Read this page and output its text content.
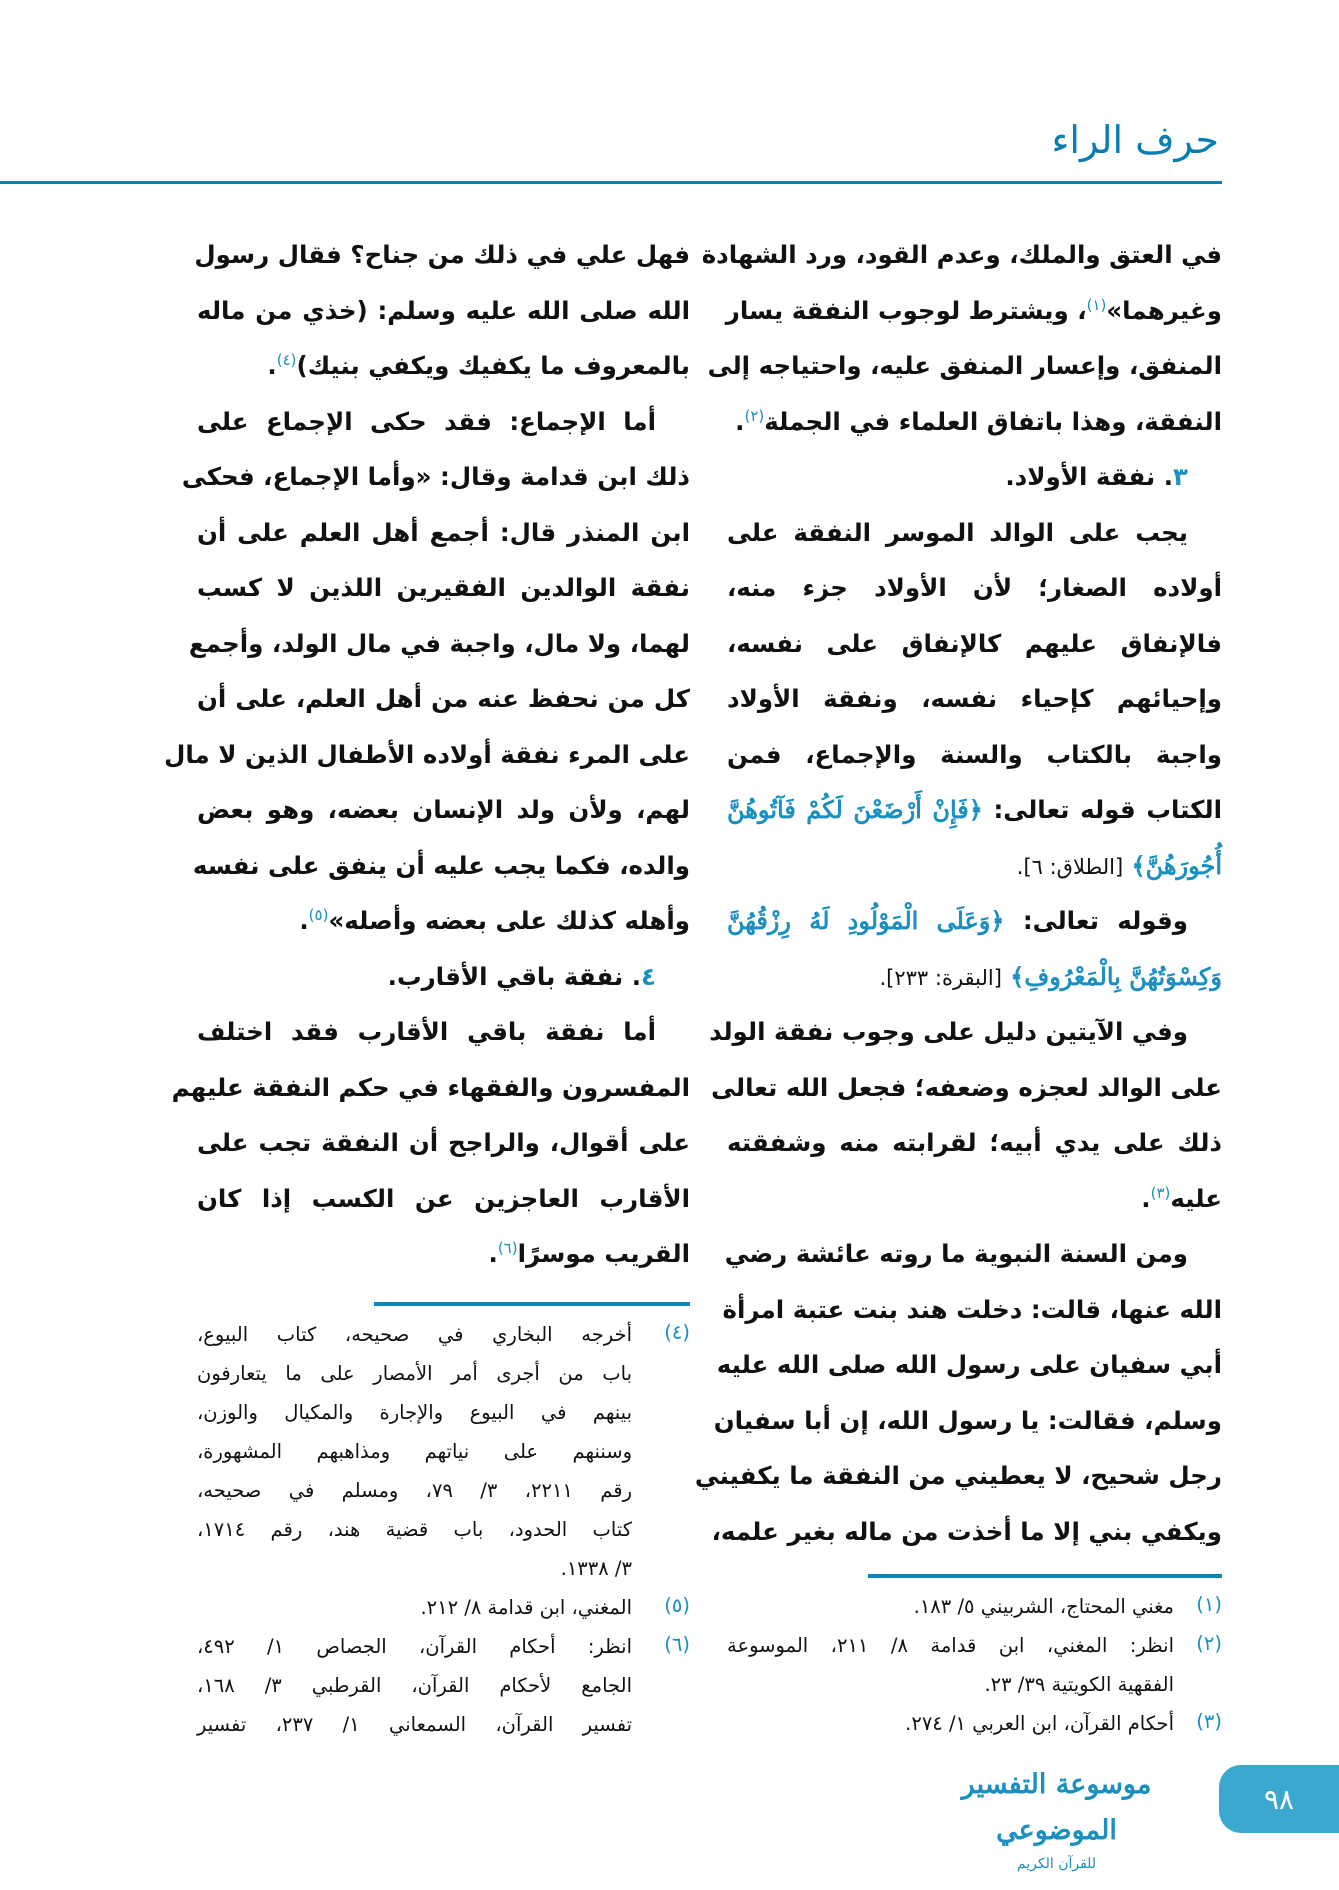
حرف الراء
في العتق والملك، وعدم القود، ورد الشهادة
وغيرهما»$^{(١)}$، ويشترط لوجوب النفقة يسار
المنفق، وإعسار المنفق عليه، واحتياجه إلى
النفقة، وهذا باتفاق العلماء في الجملة$^{(٢)}$.
٣. نفقة الأولاد.
يجب على الوالد الموسر النفقة على
أولاده الصغار؛ لأن الأولاد جزء منه،
فالإنفاق عليهم كالإنفاق على نفسه،
وإحيائهم كإحياء نفسه، ونفقة الأولاد
واجبة بالكتاب والسنة والإجماع، فمن
الكتاب قوله تعالى: ﴿فَإِنْ أَرْضَعْنَ لَكُمْ فَآتُوهُنَّ
أُجُورَهُنَّ﴾ [الطلاق: ٦].
وقوله تعالى: ﴿وَعَلَى الْمَوْلُودِ لَهُ رِزْقُهُنَّ
وَكِسْوَتُهُنَّ بِالْمَعْرُوفِ﴾ [البقرة: ٢٣٣].
وفي الآيتين دليل على وجوب نفقة الولد
على الوالد لعجزه وضعفه؛ فجعل الله تعالى
ذلك على يدي أبيه؛ لقرابته منه وشفقته
عليه$^{(٣)}$.
ومن السنة النبوية ما روته عائشة رضي
الله عنها، قالت: دخلت هند بنت عتبة امرأة
أبي سفيان على رسول الله صلى الله عليه
وسلم، فقالت: يا رسول الله، إن أبا سفيان
رجل شحيح، لا يعطيني من النفقة ما يكفيني
ويكفي بني إلا ما أخذت من ماله بغير علمه،
فهل علي في ذلك من جناح؟ فقال رسول
الله صلى الله عليه وسلم: (خذي من ماله
بالمعروف ما يكفيك ويكفي بنيك)$^{(٤)}$.
أما الإجماع: فقد حكى الإجماع على
ذلك ابن قدامة وقال: «وأما الإجماع، فحكى
ابن المنذر قال: أجمع أهل العلم على أن
نفقة الوالدين الفقيرين اللذين لا كسب
لهما، ولا مال، واجبة في مال الولد، وأجمع
كل من نحفظ عنه من أهل العلم، على أن
على المرء نفقة أولاده الأطفال الذين لا مال
لهم، ولأن ولد الإنسان بعضه، وهو بعض
والده، فكما يجب عليه أن ينفق على نفسه
وأهله كذلك على بعضه وأصله»$^{(٥)}$.
٤. نفقة باقي الأقارب.
أما نفقة باقي الأقارب فقد اختلف
المفسرون والفقهاء في حكم النفقة عليهم
على أقوال، والراجح أن النفقة تجب على
الأقارب العاجزين عن الكسب إذا كان
القريب موسرًا$^{(٦)}$.
(٤)
أخرجه البخاري في صحيحه، كتاب البيوع،
باب من أجرى أمر الأمصار على ما يتعارفون
بينهم في البيوع والإجارة والمكيال والوزن،
وسننهم على نياتهم ومذاهبهم المشهورة،
رقم ٢٢١١، ٣/ ٧٩، ومسلم في صحيحه،
كتاب الحدود، باب قضية هند، رقم ١٧١٤،
٣/ ١٣٣٨.
(٥)
المغني، ابن قدامة ٨/ ٢١٢.
(٦)
انظر: أحكام القرآن، الجصاص ١/ ٤٩٢،
الجامع لأحكام القرآن، القرطبي ٣/ ١٦٨،
تفسير القرآن، السمعاني ١/ ٢٣٧، تفسير
(١)
مغني المحتاج، الشربيني ٥/ ١٨٣.
(٢)
انظر: المغني، ابن قدامة ٨/ ٢١١، الموسوعة
الفقهية الكويتية ٣٩/ ٢٣.
(٣)
أحكام القرآن، ابن العربي ١/ ٢٧٤.
موسوعة التفسير الموضوعي
للقرآن الكريم
٩٨
